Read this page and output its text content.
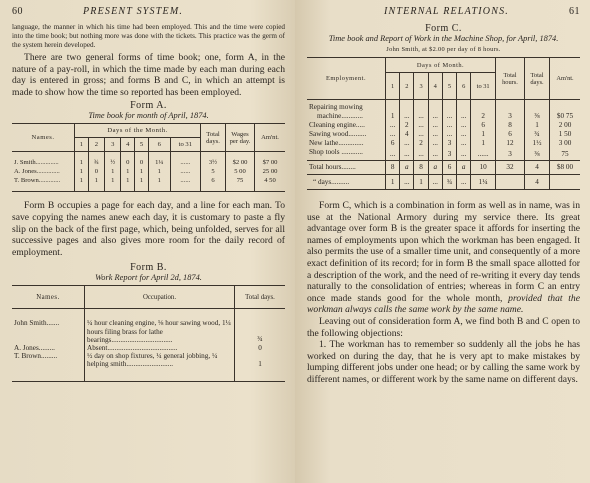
60	PRESENT SYSTEM.

language, the manner in which his time had been employed. This and the time were copied into the time book; but nothing more was done with the tickets. This practice was the germ of the system herein developed.

There are two general forms of time book; one, form A, in the nature of a pay-roll, in which the time made by each man during each day is entered in gross; and forms B and C, in which an attempt is made to show how the time so reported has been employed.

Form A.
Time book for month of April, 1874.
Names.	Days of the Month.							Total days.	Wages per day.	Am'nt.
	1	2	3	4	5	6	to 31			

J. Smith..............	1	¾	½	0	0	1¼	......	3½	$2 00	$7 00
A. Jones..............	1	0	1	1	1	1	......	5	5 00	25 00
T. Brown.............	1	1	1	1	1	1	......	6	75	4 50

Form B occupies a page for each day, and a line for each man. To save copying the names anew each day, it is customary to paste a fly slip on the back of the first page, which, being unfolded, serves for all successive pages and also gives more room for the daily record of employment.

Form B.
Work Report for April 2d, 1874.
Names.	Occupation.	Total days.
John Smith.......	¼ hour cleaning engine, ⅛ hour sawing wood, 1¼ hours filing brass for lathe bearings..................................	¾
A. Jones.........	Absent.......................................	0
T. Brown.........	½ day on shop fixtures, ¼ general jobbing, ¼ helping smith..........................	1
INTERNAL RELATIONS.	61
Form C.
Time book and Report of Work in the Machine Shop, for April, 1874.
John Smith, at $2.00 per day of 8 hours.
Employment.	Days of Month.							Total hours.	Total days.	Am'nt.
	1	2	3	4	5	6	to 31			
Repairing mowing										
machine............	1	...	...	...	...	...	2	3	⅜	$0 75
Cleaning engine.....	...	2	...	...	...	...	6	8	1	2 00
Sawing wood..........	...	4	...	...	...	...	1	6	¾	1 50
New lathe..............	6	...	2	...	3	...	1	12	1½	3 00
Shop tools ............	...	...	...	...	3	...	......	3	⅜	75
Total hours........	8	a	8	a	6	a	10	32	4	$8 00
“ days..........	1	...	1	...	¾	...	1¼		4	

Form C, which is a combination in form as well as in name, was in use at the National Armory during my service there. Its great advantage over form B is the greater space it affords for inserting the names of employments upon which the workman has been engaged. It also permits the use of a smaller time unit, and consequently of a more exact definition of its record; for in form B the small space allotted for a description of the work, and the need of re-writing it every day tends naturally to the consolidation of entries; whereas in form C an entry once made stands good for the whole month, provided that the workman always calls the same work by the same name.

Leaving out of consideration form A, we find both B and C open to the following objections:

1. The workman has to remember so suddenly all the jobs he has worked on during the day, that he is very apt to make mistakes by lumping different jobs under one head; or by calling the same work by different names, or different work by the same name on different days.
